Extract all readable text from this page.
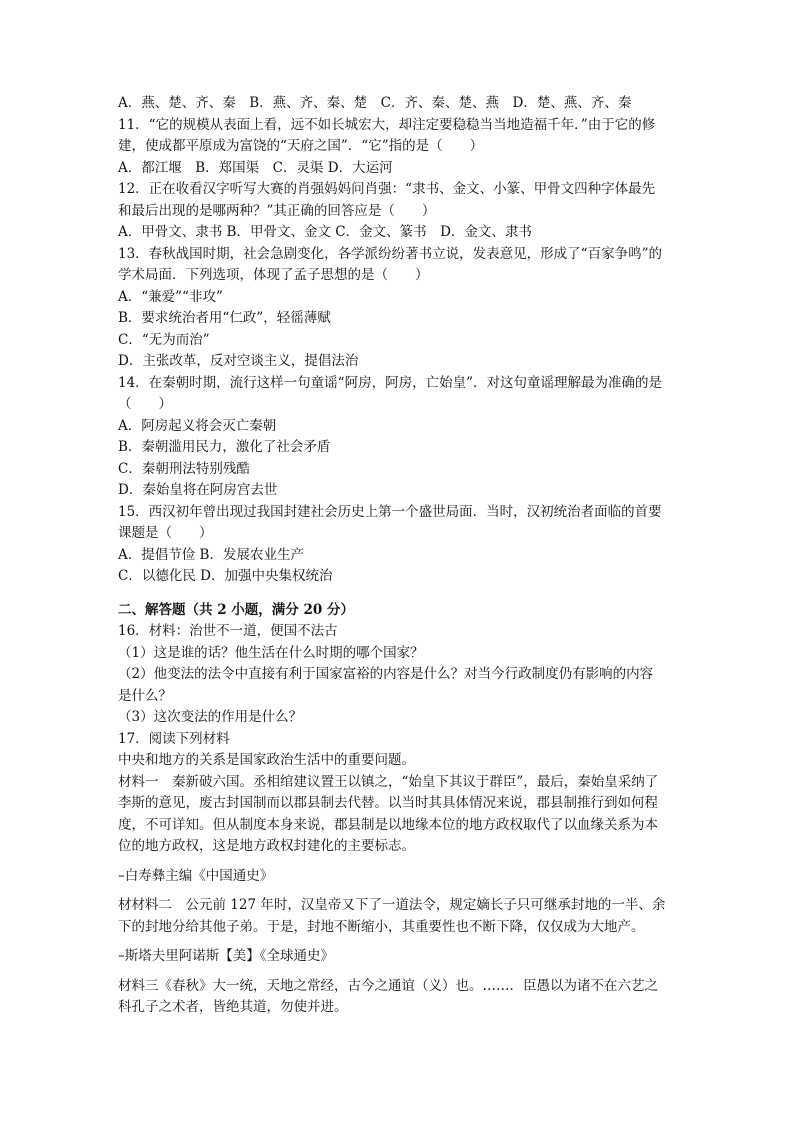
A．燕、楚、齐、秦　B．燕、齐、秦、楚　C．齐、秦、楚、燕　D．楚、燕、齐、秦
11．“它的规模从表面上看，远不如长城宏大，却注定要稳稳当当地造福千年．”由于它的修
建，使成都平原成为富饶的“天府之国”．“它”指的是（　　）
A．都江堰　B．郑国渠　C．灵渠 D．大运河
12．正在收看汉字听写大赛的肖强妈妈问肖强：“隶书、金文、小篆、甲骨文四种字体最先
和最后出现的是哪两种？”其正确的回答应是（　　）
A．甲骨文、隶书 B．甲骨文、金文 C．金文、篆书　D．金文、隶书
13．春秋战国时期，社会急剧变化，各学派纷纷著书立说，发表意见，形成了“百家争鸣”的
学术局面．下列选项，体现了孟子思想的是（　　）
A．“兼爱”“非攻”
B．要求统治者用“仁政”，轻徭薄赋
C．“无为而治”
D．主张改革，反对空谈主义，提倡法治
14．在秦朝时期，流行这样一句童谣“阿房，阿房，亡始皇”．对这句童谣理解最为准确的是
（　　）
A．阿房起义将会灭亡秦朝
B．秦朝滥用民力，激化了社会矛盾
C．秦朝刑法特别残酷
D．秦始皇将在阿房宫去世
15．西汉初年曾出现过我国封建社会历史上第一个盛世局面．当时，汉初统治者面临的首要
课题是（　　）
A．提倡节俭 B．发展农业生产
C．以德化民 D．加强中央集权统治
二、解答题（共 2 小题，满分 20 分）
16．材料：治世不一道，便国不法古
（1）这是谁的话？他生活在什么时期的哪个国家？
（2）他变法的法令中直接有利于国家富裕的内容是什么？对当今行政制度仍有影响的内容
是什么？
（3）这次变法的作用是什么？
17．阅读下列材料
中央和地方的关系是国家政治生活中的重要问题。
材料一　秦新破六国。丞相绾建议置王以镇之，“始皇下其议于群臣”，最后，秦始皇采纳了
李斯的意见，废古封国制而以郡县制去代替。以当时其具体情况来说，郡县制推行到如何程
度，不可详知。但从制度本身来说，郡县制是以地缘本位的地方政权取代了以血缘关系为本
位的地方政权，这是地方政权封建化的主要标志。
–白寿彝主编《中国通史》
材材料二　公元前 127 年时，汉皇帝又下了一道法令，规定嫡长子只可继承封地的一半、余
下的封地分给其他子弟。于是，封地不断缩小，其重要性也不断下降，仅仅成为大地产。
–斯塔夫里阿诺斯【美】《全球通史》
材料三《春秋》大一统，天地之常经，古今之通谊（义）也。……．臣愚以为诸不在六艺之
科孔子之术者，皆绝其道，勿使并进。
